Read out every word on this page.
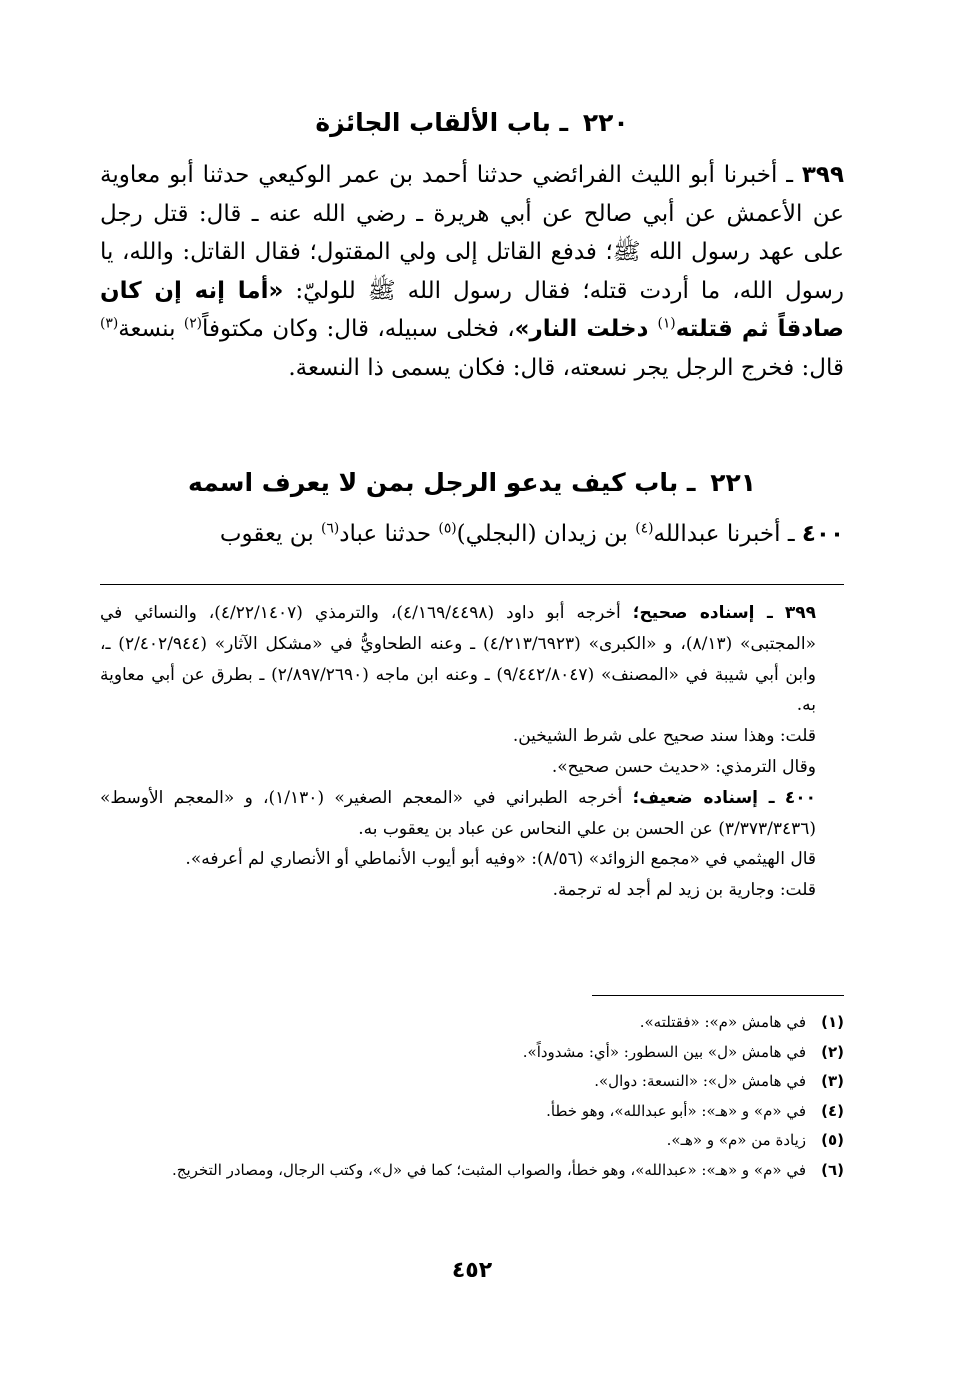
٢٢٠ ـ باب الألقاب الجائزة
٣٩٩ ـ أخبرنا أبو الليث الفرائضي حدثنا أحمد بن عمر الوكيعي حدثنا أبو معاوية عن الأعمش عن أبي صالح عن أبي هريرة ـ رضي الله عنه ـ قال: قتل رجل على عهد رسول الله ﷺ؛ فدفع القاتل إلى ولي المقتول؛ فقال القاتل: والله، يا رسول الله، ما أردت قتله؛ فقال رسول الله ﷺ للوليّ: «أما إنه إن كان صادقاً ثم قتلته$^{(١)}$ دخلت النار»، فخلى سبيله، قال: وكان مكتوفاً$^{(٢)}$ بنسعة$^{(٣)}$ قال: فخرج الرجل يجر نسعته، قال: فكان يسمى ذا النسعة.
٢٢١ ـ باب كيف يدعو الرجل بمن لا يعرف اسمه
٤٠٠ ـ أخبرنا عبدالله$^{(٤)}$ بن زيدان (البجلي)$^{(٥)}$ حدثنا عباد$^{(٦)}$ بن يعقوب

٣٩٩ ـ إسناده صحيح؛ أخرجه أبو داود (٤/١٦٩/٤٤٩٨)، والترمذي (٤/٢٢/١٤٠٧)، والنسائي في «المجتبى» (٨/١٣)، و «الكبرى» (٤/٢١٣/٦٩٢٣) ـ وعنه الطحاويُّ في «مشكل الآثار» (٢/٤٠٢/٩٤٤) ـ، وابن أبي شيبة في «المصنف» (٩/٤٤٢/٨٠٤٧) ـ وعنه ابن ماجه (٢/٨٩٧/٢٦٩٠) ـ بطرق عن أبي معاوية به.

قلت: وهذا سند صحيح على شرط الشيخين.

وقال الترمذي: «حديث حسن صحيح».

٤٠٠ ـ إسناده ضعيف؛ أخرجه الطبراني في «المعجم الصغير» (١/١٣٠)، و «المعجم الأوسط» (٣/٣٧٣/٣٤٣٦) عن الحسن بن علي النحاس عن عباد بن يعقوب به.

قال الهيثمي في «مجمع الزوائد» (٨/٥٦): «وفيه أبو أيوب الأنماطي أو الأنصاري لم أعرفه».

قلت: وجارية بن زيد لم أجد له ترجمة.

(١)
في هامش «م»: «فقتلته».
(٢)
في هامش «ل» بين السطور: «أي: مشدوداً».
(٣)
في هامش «ل»: «النسعة: دوال».
(٤)
في «م» و «هـ»: «أبو عبدالله»، وهو خطأ.
(٥)
زيادة من «م» و «هـ».
(٦)
في «م» و «هـ»: «عبدالله»، وهو خطأ، والصواب المثبت؛ كما في «ل»، وكتب الرجال، ومصادر التخريج.
٤٥٢
